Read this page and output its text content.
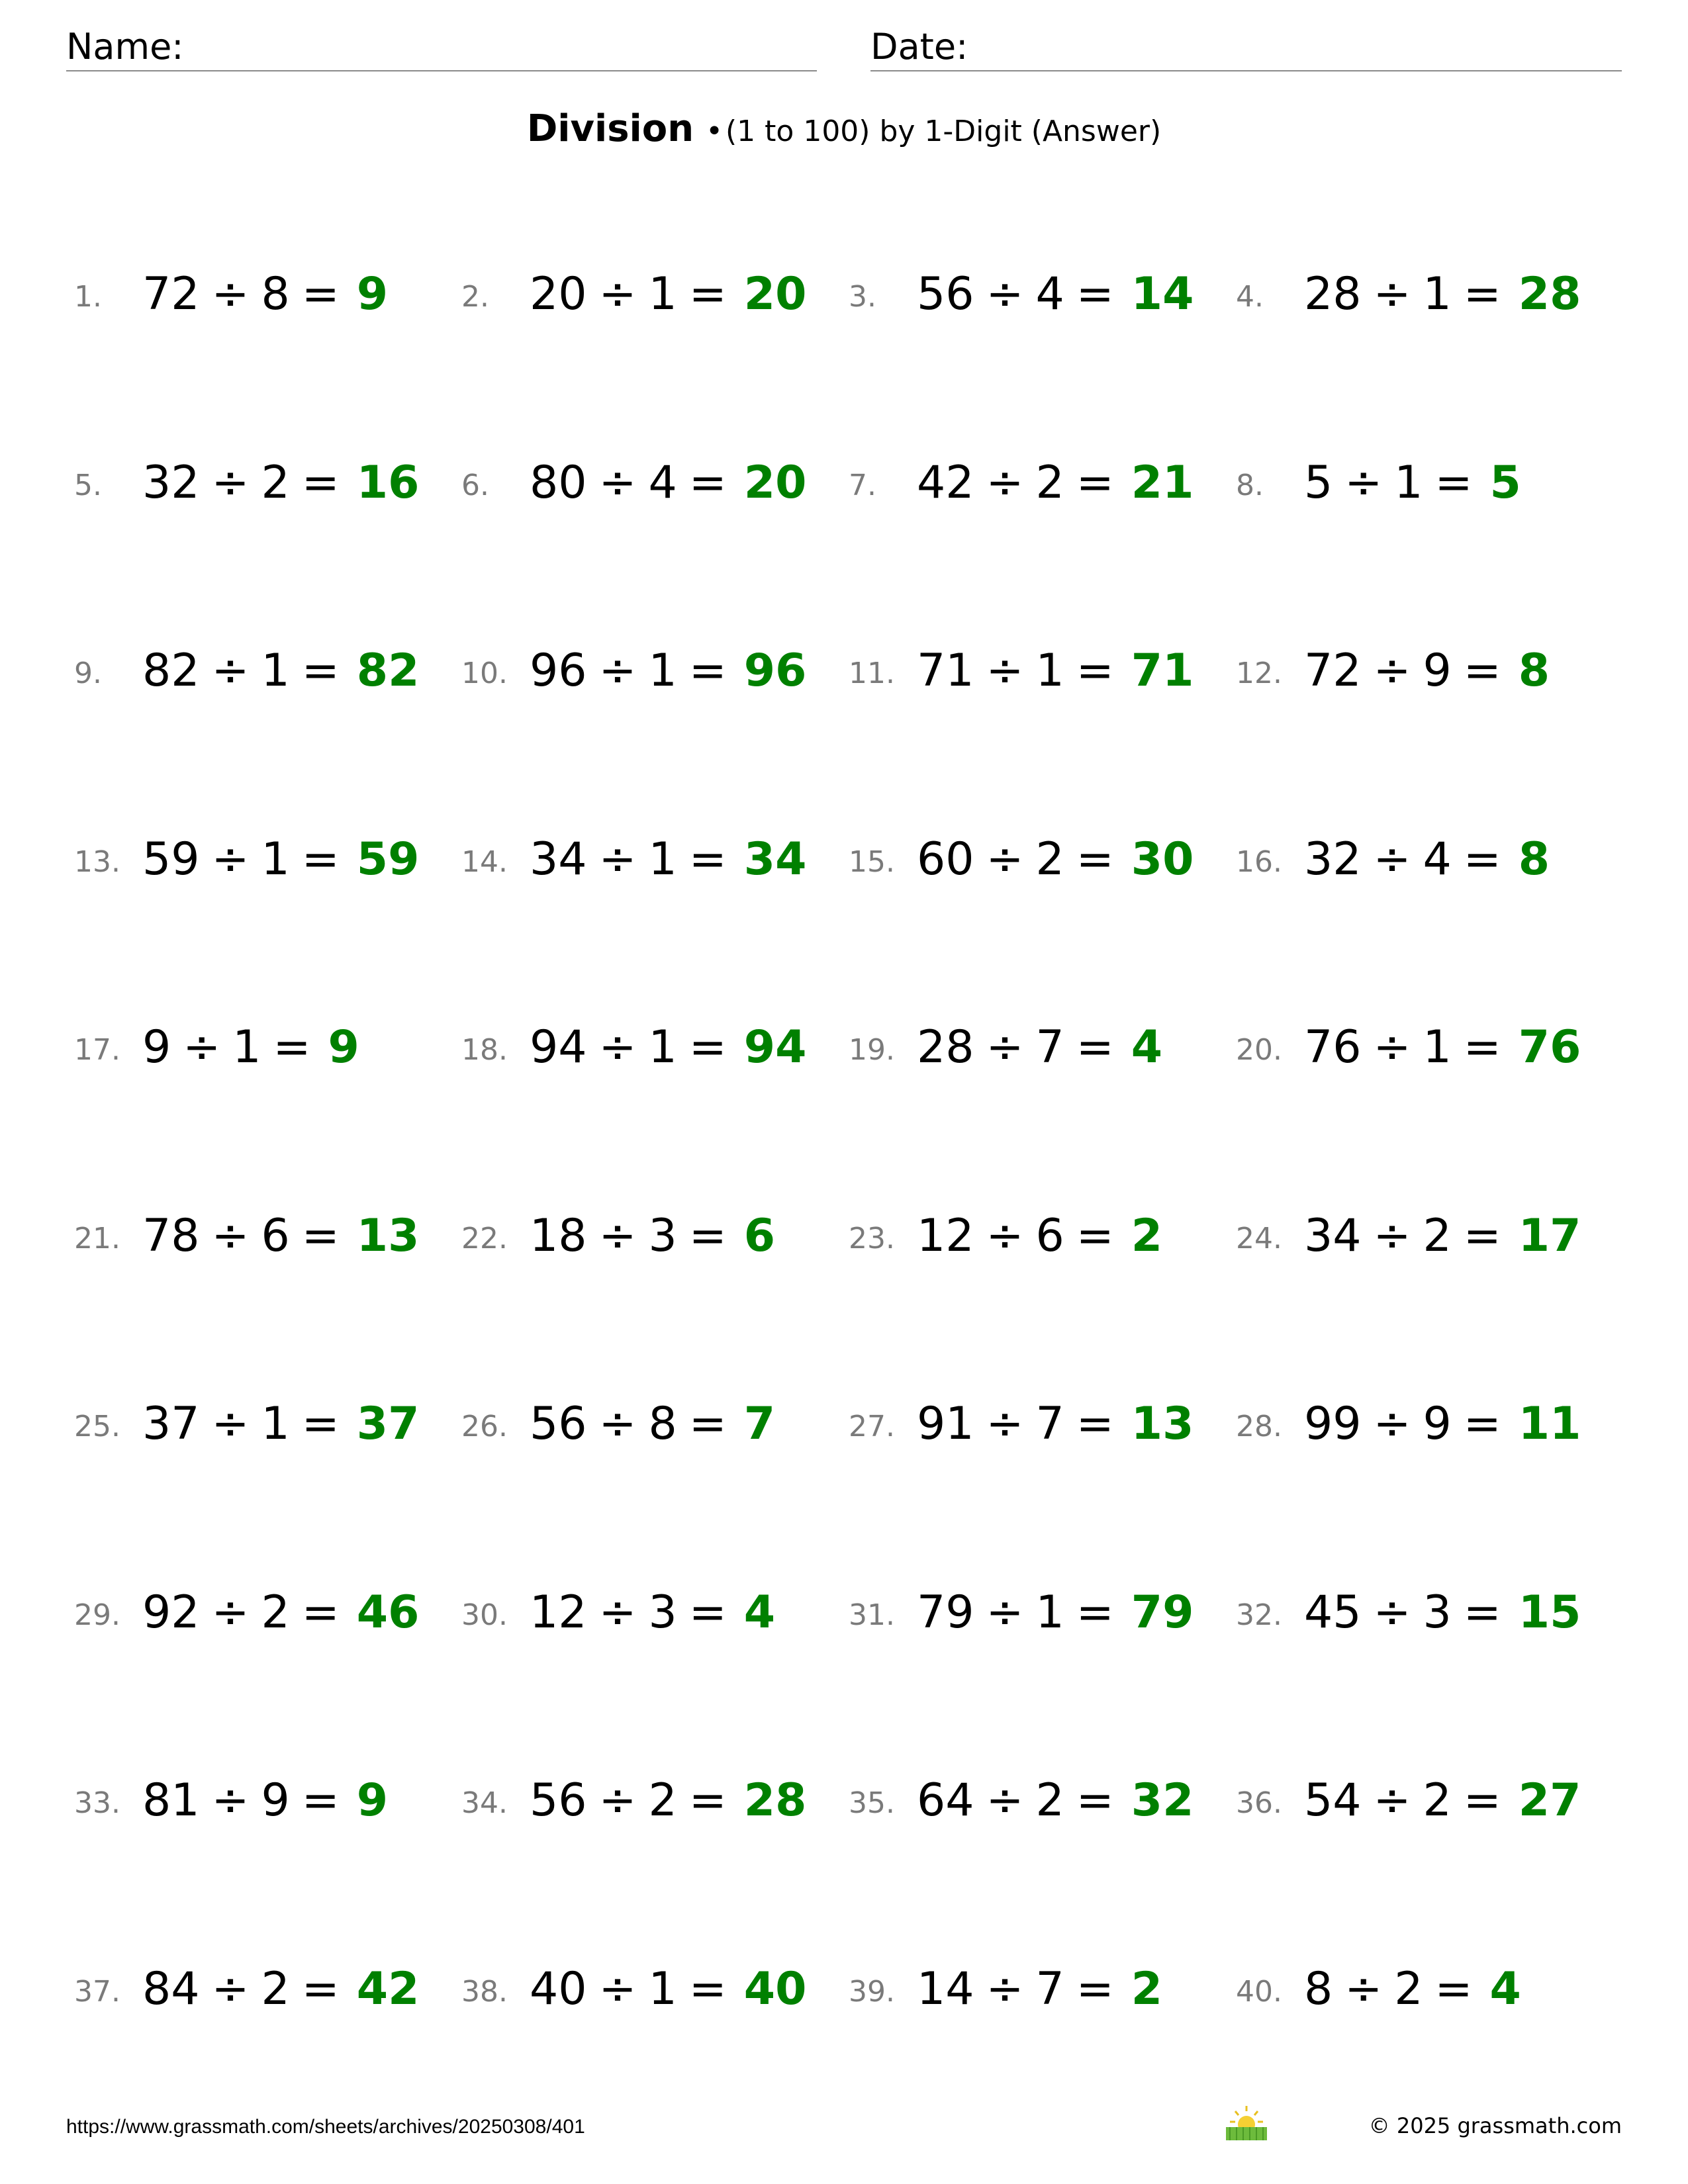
Name:	Date:
Division •(1 to 100) by 1-Digit (Answer)
1. 72 ÷ 8 = 9	2. 20 ÷ 1 = 20 3. 56 ÷ 4 = 14 4. 28 ÷ 1 = 28
5. 32 ÷ 2 = 16 6. 80 ÷ 4 = 20 7. 42 ÷ 2 = 21 8. 5 ÷ 1 = 5
9. 82 ÷ 1 = 82 10. 96 ÷ 1 = 96 11. 71 ÷ 1 = 71 12. 72 ÷ 9 = 8
13. 59 ÷ 1 = 59 14. 34 ÷ 1 = 34 15. 60 ÷ 2 = 30 16. 32 ÷ 4 = 8
17. 9 ÷ 1 = 9	18. 94 ÷ 1 = 94 19. 28 ÷ 7 = 4	20. 76 ÷ 1 = 76
21. 78 ÷ 6 = 13 22. 18 ÷ 3 = 6	23. 12 ÷ 6 = 2	24. 34 ÷ 2 = 17
25. 37 ÷ 1 = 37 26. 56 ÷ 8 = 7	27. 91 ÷ 7 = 13 28. 99 ÷ 9 = 11
29. 92 ÷ 2 = 46 30. 12 ÷ 3 = 4	31. 79 ÷ 1 = 79 32. 45 ÷ 3 = 15
33. 81 ÷ 9 = 9	34. 56 ÷ 2 = 28 35. 64 ÷ 2 = 32 36. 54 ÷ 2 = 27
37. 84 ÷ 2 = 42 38. 40 ÷ 1 = 40 39. 14 ÷ 7 = 2	40. 8 ÷ 2 = 4
https://www.grassmath.com/sheets/archives/20250308/401	© 2025 grassmath.com
